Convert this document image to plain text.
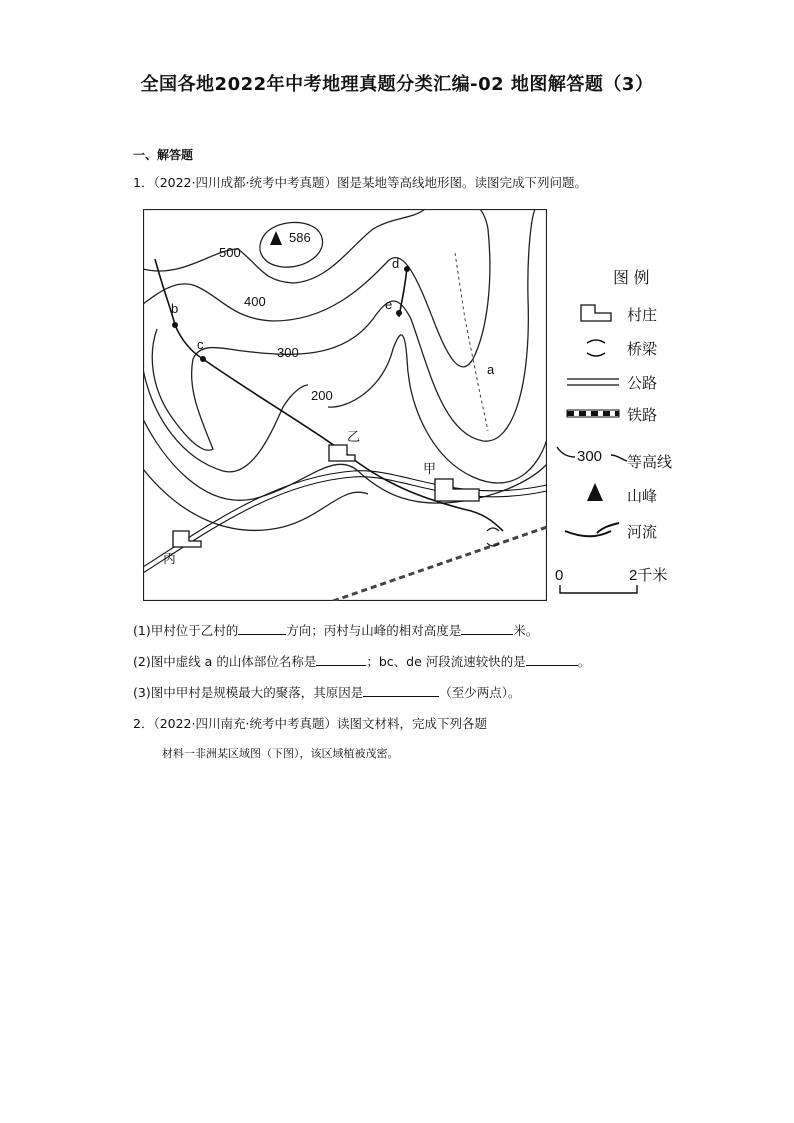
全国各地2022年中考地理真题分类汇编-02 地图解答题（3）
一、解答题
1．（2022·四川成都·统考中考真题）图是某地等高线地形图。读图完成下列问题。
586
500
400
300
200
b
c
d
e
a
甲
乙
丙
图 例
村庄
桥梁
公路
铁路
300 等高线
山峰
河流
0	2千米
(1)甲村位于乙村的	方向；丙村与山峰的相对高度是	米。
(2)图中虚线 a 的山体部位名称是	；bc、de 河段流速较快的是	。
(3)图中甲村是规模最大的聚落，其原因是	（至少两点）。
2．（2022·四川南充·统考中考真题）读图文材料，完成下列各题
材料一非洲某区域图（下图），该区域植被茂密。
